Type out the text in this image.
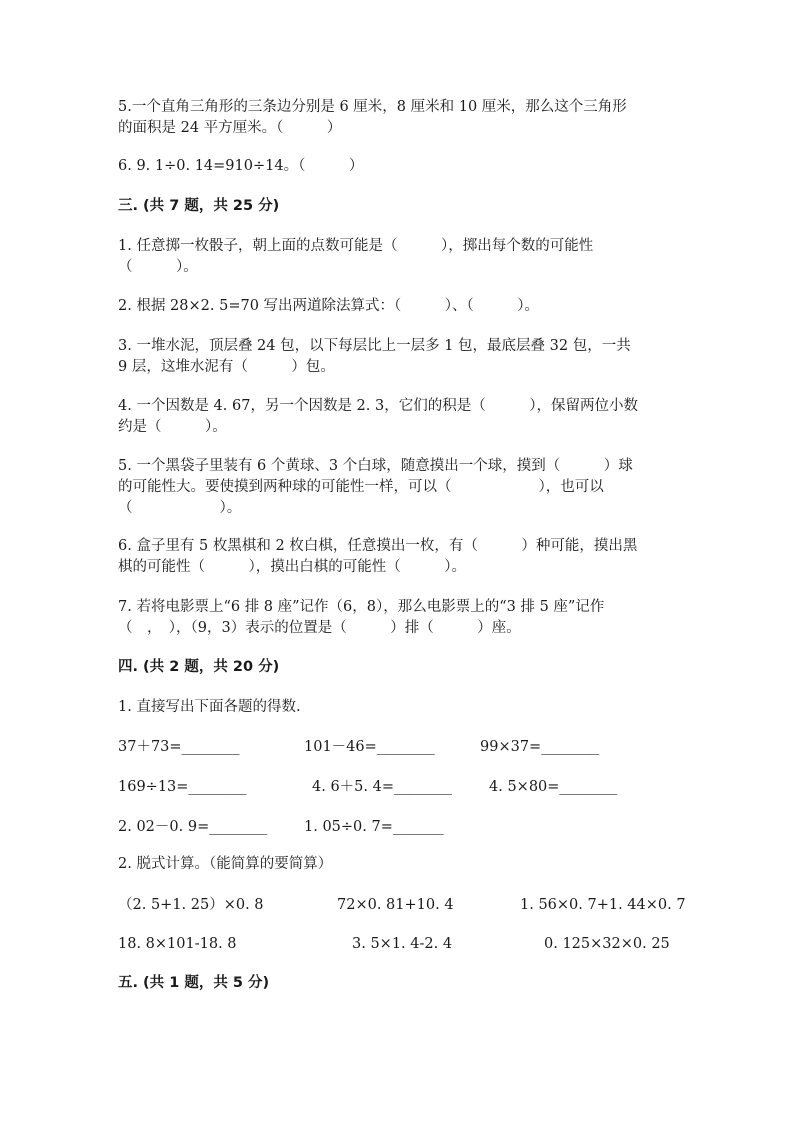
5.一个直角三角形的三条边分别是 6 厘米，8 厘米和 10 厘米，那么这个三角形
的面积是 24 平方厘米。（　　　）
6. 9. 1÷0. 14=910÷14。（　　　）
三. (共 7 题，共 25 分)
1. 任意掷一枚骰子，朝上面的点数可能是（　　　），掷出每个数的可能性
（　　　）。
2. 根据 28×2. 5=70 写出两道除法算式：（　　　）、（　　　）。
3. 一堆水泥，顶层叠 24 包，以下每层比上一层多 1 包，最底层叠 32 包，一共
9 层，这堆水泥有（　　　）包。
4. 一个因数是 4. 67，另一个因数是 2. 3，它们的积是（　　　），保留两位小数
约是（　　　）。
5. 一个黑袋子里装有 6 个黄球、3 个白球，随意摸出一个球，摸到（　　　）球
的可能性大。要使摸到两种球的可能性一样，可以（　　　　　　），也可以
（　　　　　　）。
6. 盒子里有 5 枚黑棋和 2 枚白棋，任意摸出一枚，有（　　　）种可能，摸出黑
棋的可能性（　　　），摸出白棋的可能性（　　　）。
7. 若将电影票上“6 排 8 座”记作（6，8），那么电影票上的“3 排 5 座”记作
（　，　），（9，3）表示的位置是（　　　）排（　　　）座。
四. (共 2 题，共 20 分)
1. 直接写出下面各题的得数.
37＋73=________	101－46=________	99×37=________
169÷13=________	4. 6＋5. 4=________	4. 5×80=________
2. 02－0. 9=________	1. 05÷0. 7=_______
2. 脱式计算。（能简算的要简算）
（2. 5+1. 25）×0. 8	72×0. 81+10. 4	1. 56×0. 7+1. 44×0. 7
18. 8×101-18. 8	3. 5×1. 4-2. 4	0. 125×32×0. 25
五. (共 1 题，共 5 分)
